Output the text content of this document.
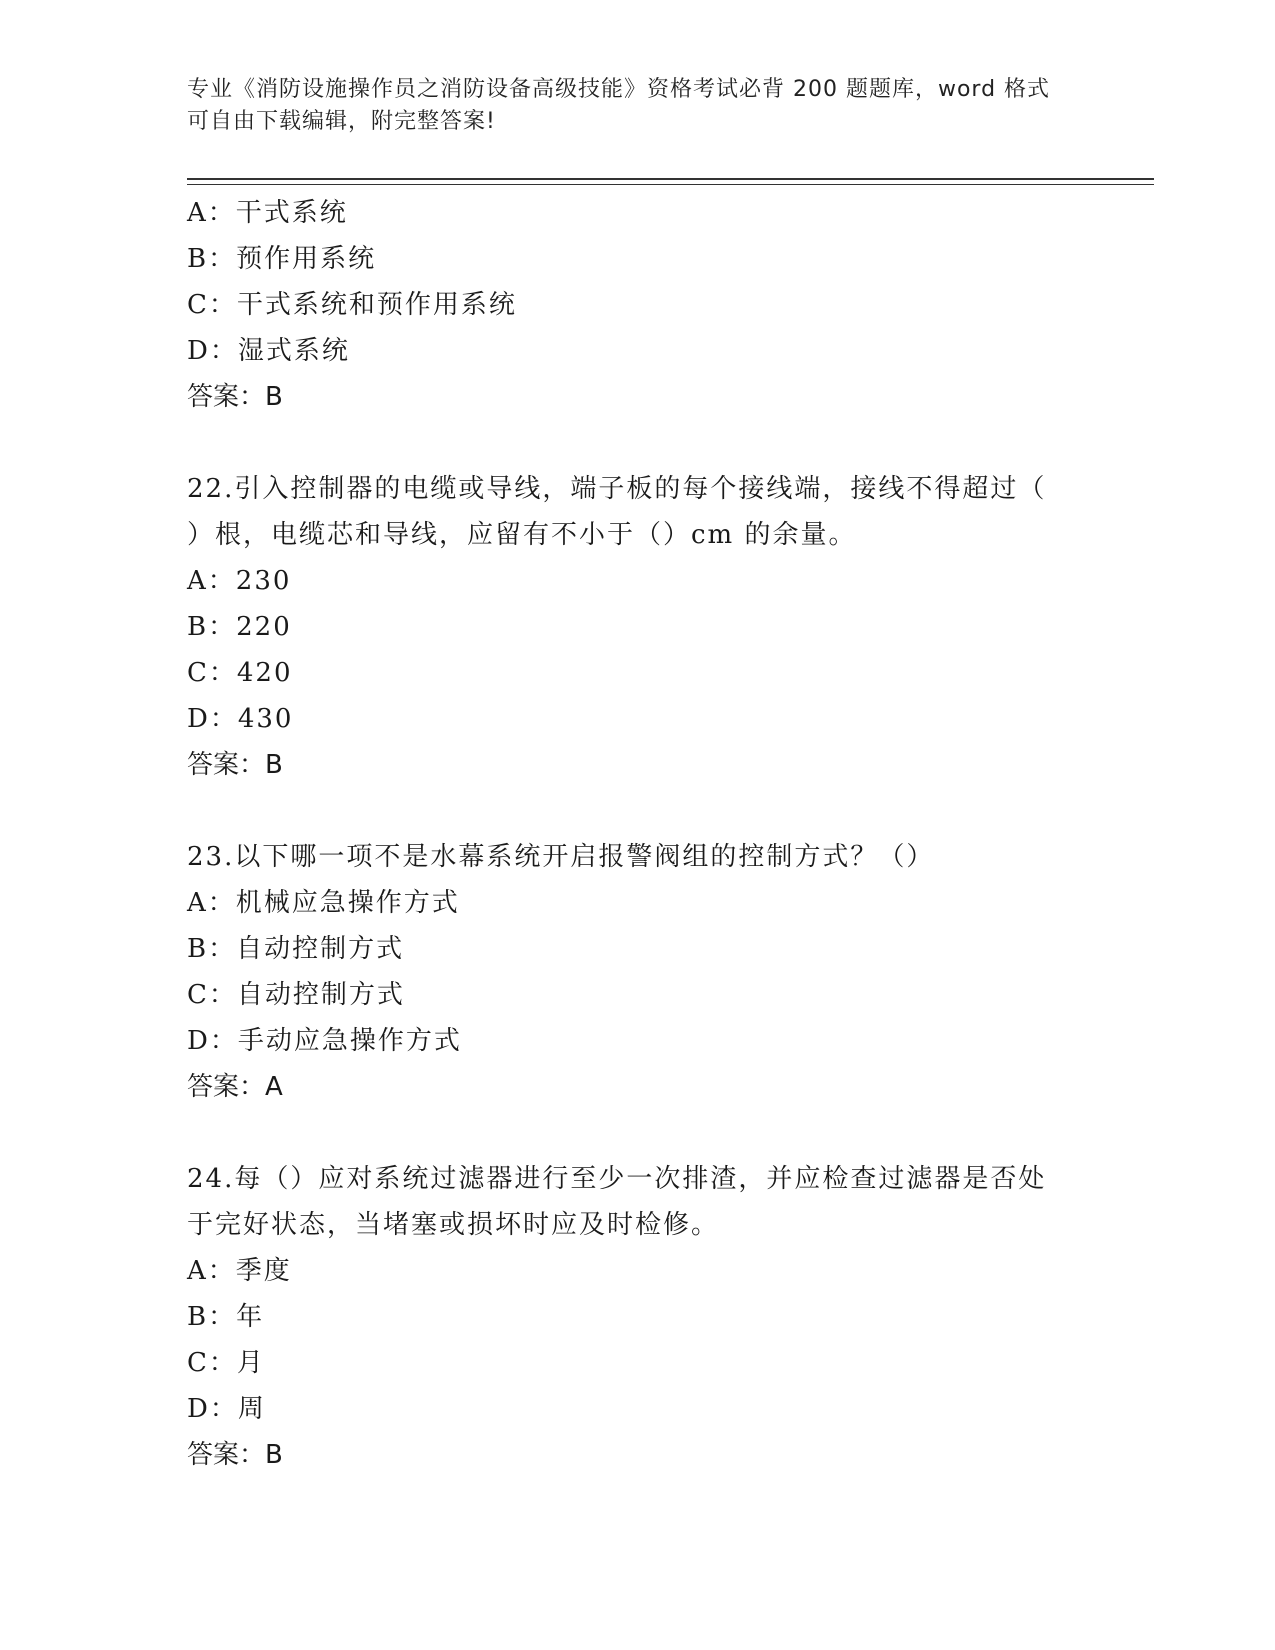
专业《消防设施操作员之消防设备高级技能》资格考试必背 200 题题库，word 格式可自由下载编辑，附完整答案!
A：干式系统
B：预作用系统
C：干式系统和预作用系统
D：湿式系统
答案：B
22.引入控制器的电缆或导线，端子板的每个接线端，接线不得超过（
）根，电缆芯和导线，应留有不小于（）cm 的余量。
A：230
B：220
C：420
D：430
答案：B
23.以下哪一项不是水幕系统开启报警阀组的控制方式？（）
A：机械应急操作方式
B：自动控制方式
C：自动控制方式
D：手动应急操作方式
答案：A
24.每（）应对系统过滤器进行至少一次排渣，并应检查过滤器是否处
于完好状态，当堵塞或损坏时应及时检修。
A：季度
B：年
C：月
D：周
答案：B
